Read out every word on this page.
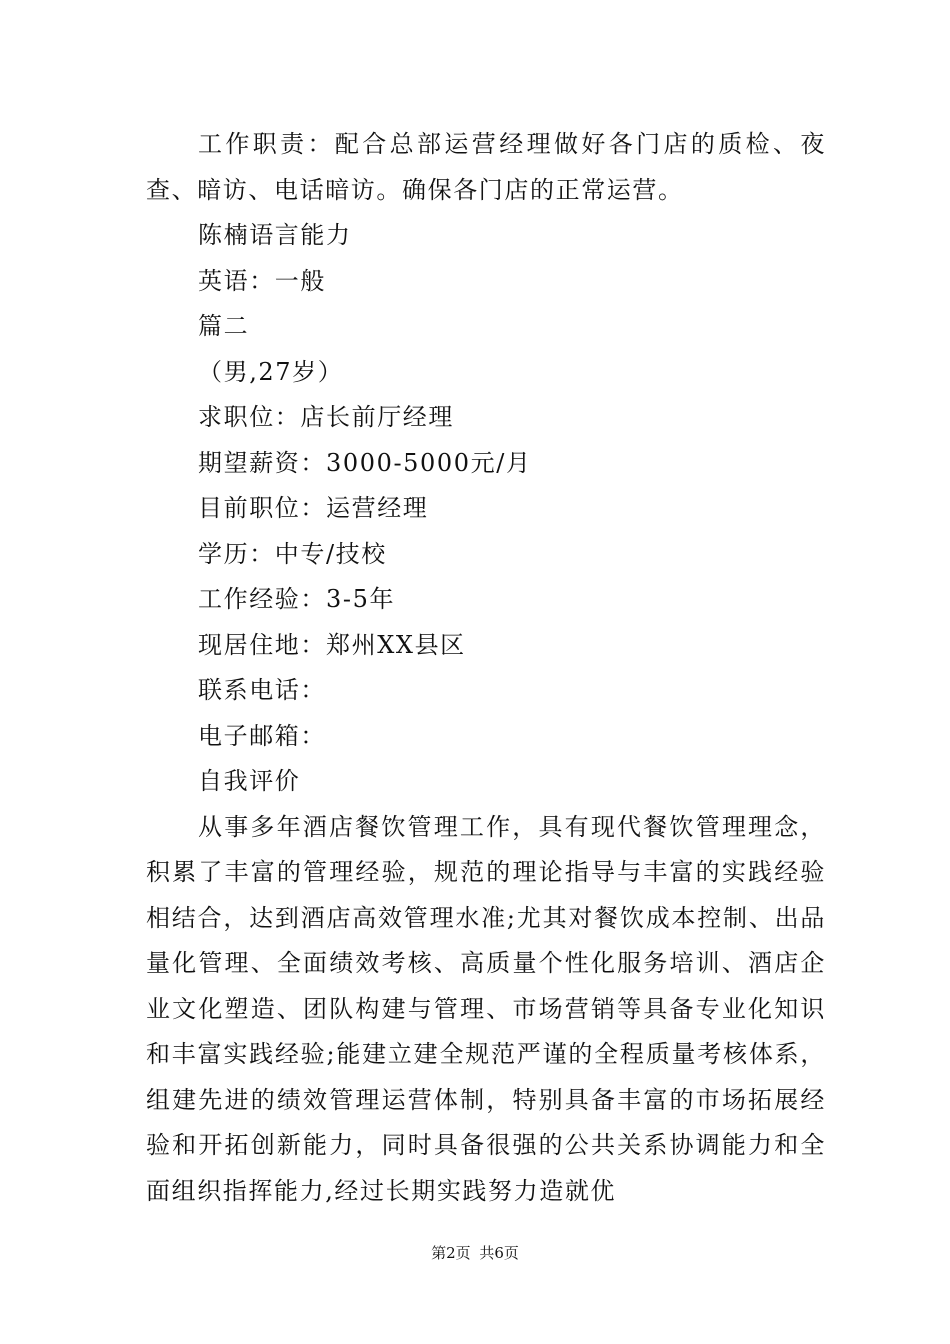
工作职责：配合总部运营经理做好各门店的质检、夜查、暗访、电话暗访。确保各门店的正常运营。

陈楠语言能力

英语：一般

篇二

（男,27岁）

求职位：店长前厅经理

期望薪资：3000-5000元/月

目前职位：运营经理

学历：中专/技校

工作经验：3-5年

现居住地：郑州XX县区

联系电话：

电子邮箱：

自我评价

从事多年酒店餐饮管理工作，具有现代餐饮管理理念，积累了丰富的管理经验，规范的理论指导与丰富的实践经验相结合，达到酒店高效管理水准;尤其对餐饮成本控制、出品量化管理、全面绩效考核、高质量个性化服务培训、酒店企业文化塑造、团队构建与管理、市场营销等具备专业化知识和丰富实践经验;能建立建全规范严谨的全程质量考核体系，组建先进的绩效管理运营体制，特别具备丰富的市场拓展经验和开拓创新能力，同时具备很强的公共关系协调能力和全面组织指挥能力,经过长期实践努力造就优

第2页 共6页
